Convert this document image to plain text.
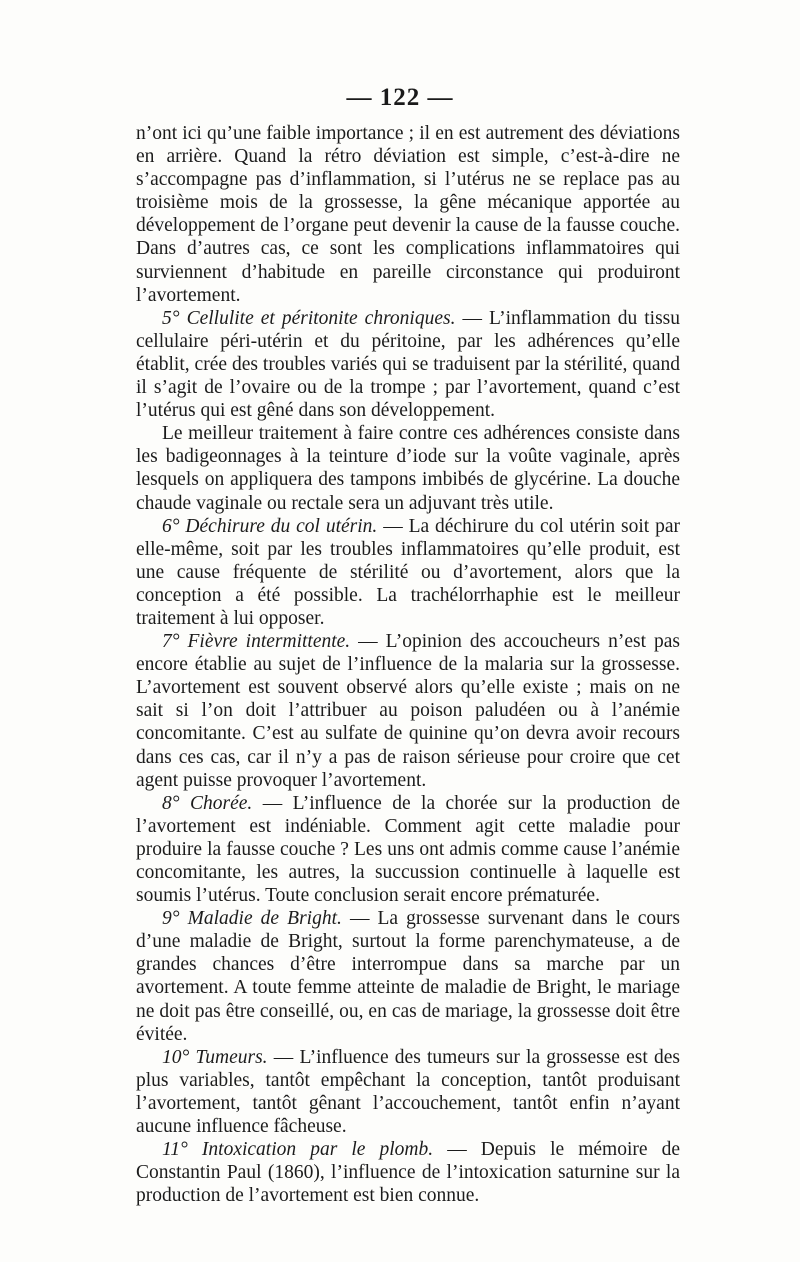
— 122 —

n’ont ici qu’une faible importance ; il en est autrement des déviations en arrière. Quand la rétro déviation est simple, c’est-à-dire ne s’accompagne pas d’inflammation, si l’utérus ne se replace pas au troisième mois de la grossesse, la gêne mécanique apportée au développement de l’organe peut devenir la cause de la fausse couche. Dans d’autres cas, ce sont les complications inflammatoires qui surviennent d’habitude en pareille circonstance qui produiront l’avortement.

5° Cellulite et péritonite chroniques. — L’inflammation du tissu cellulaire péri-utérin et du péritoine, par les adhérences qu’elle établit, crée des troubles variés qui se traduisent par la stérilité, quand il s’agit de l’ovaire ou de la trompe ; par l’avortement, quand c’est l’utérus qui est gêné dans son développement.

Le meilleur traitement à faire contre ces adhérences consiste dans les badigeonnages à la teinture d’iode sur la voûte vaginale, après lesquels on appliquera des tampons imbibés de glycérine. La douche chaude vaginale ou rectale sera un adjuvant très utile.

6° Déchirure du col utérin. — La déchirure du col utérin soit par elle-même, soit par les troubles inflammatoires qu’elle produit, est une cause fréquente de stérilité ou d’avortement, alors que la conception a été possible. La trachélorrhaphie est le meilleur traitement à lui opposer.

7° Fièvre intermittente. — L’opinion des accoucheurs n’est pas encore établie au sujet de l’influence de la malaria sur la grossesse. L’avortement est souvent observé alors qu’elle existe ; mais on ne sait si l’on doit l’attribuer au poison paludéen ou à l’anémie concomitante. C’est au sulfate de quinine qu’on devra avoir recours dans ces cas, car il n’y a pas de raison sérieuse pour croire que cet agent puisse provoquer l’avortement.

8° Chorée. — L’influence de la chorée sur la production de l’avortement est indéniable. Comment agit cette maladie pour produire la fausse couche ? Les uns ont admis comme cause l’anémie concomitante, les autres, la succussion continuelle à laquelle est soumis l’utérus. Toute conclusion serait encore prématurée.

9° Maladie de Bright. — La grossesse survenant dans le cours d’une maladie de Bright, surtout la forme parenchymateuse, a de grandes chances d’être interrompue dans sa marche par un avortement. A toute femme atteinte de maladie de Bright, le mariage ne doit pas être conseillé, ou, en cas de mariage, la grossesse doit être évitée.

10° Tumeurs. — L’influence des tumeurs sur la grossesse est des plus variables, tantôt empêchant la conception, tantôt produisant l’avortement, tantôt gênant l’accouchement, tantôt enfin n’ayant aucune influence fâcheuse.

11° Intoxication par le plomb. — Depuis le mémoire de Constantin Paul (1860), l’influence de l’intoxication saturnine sur la production de l’avortement est bien connue.
